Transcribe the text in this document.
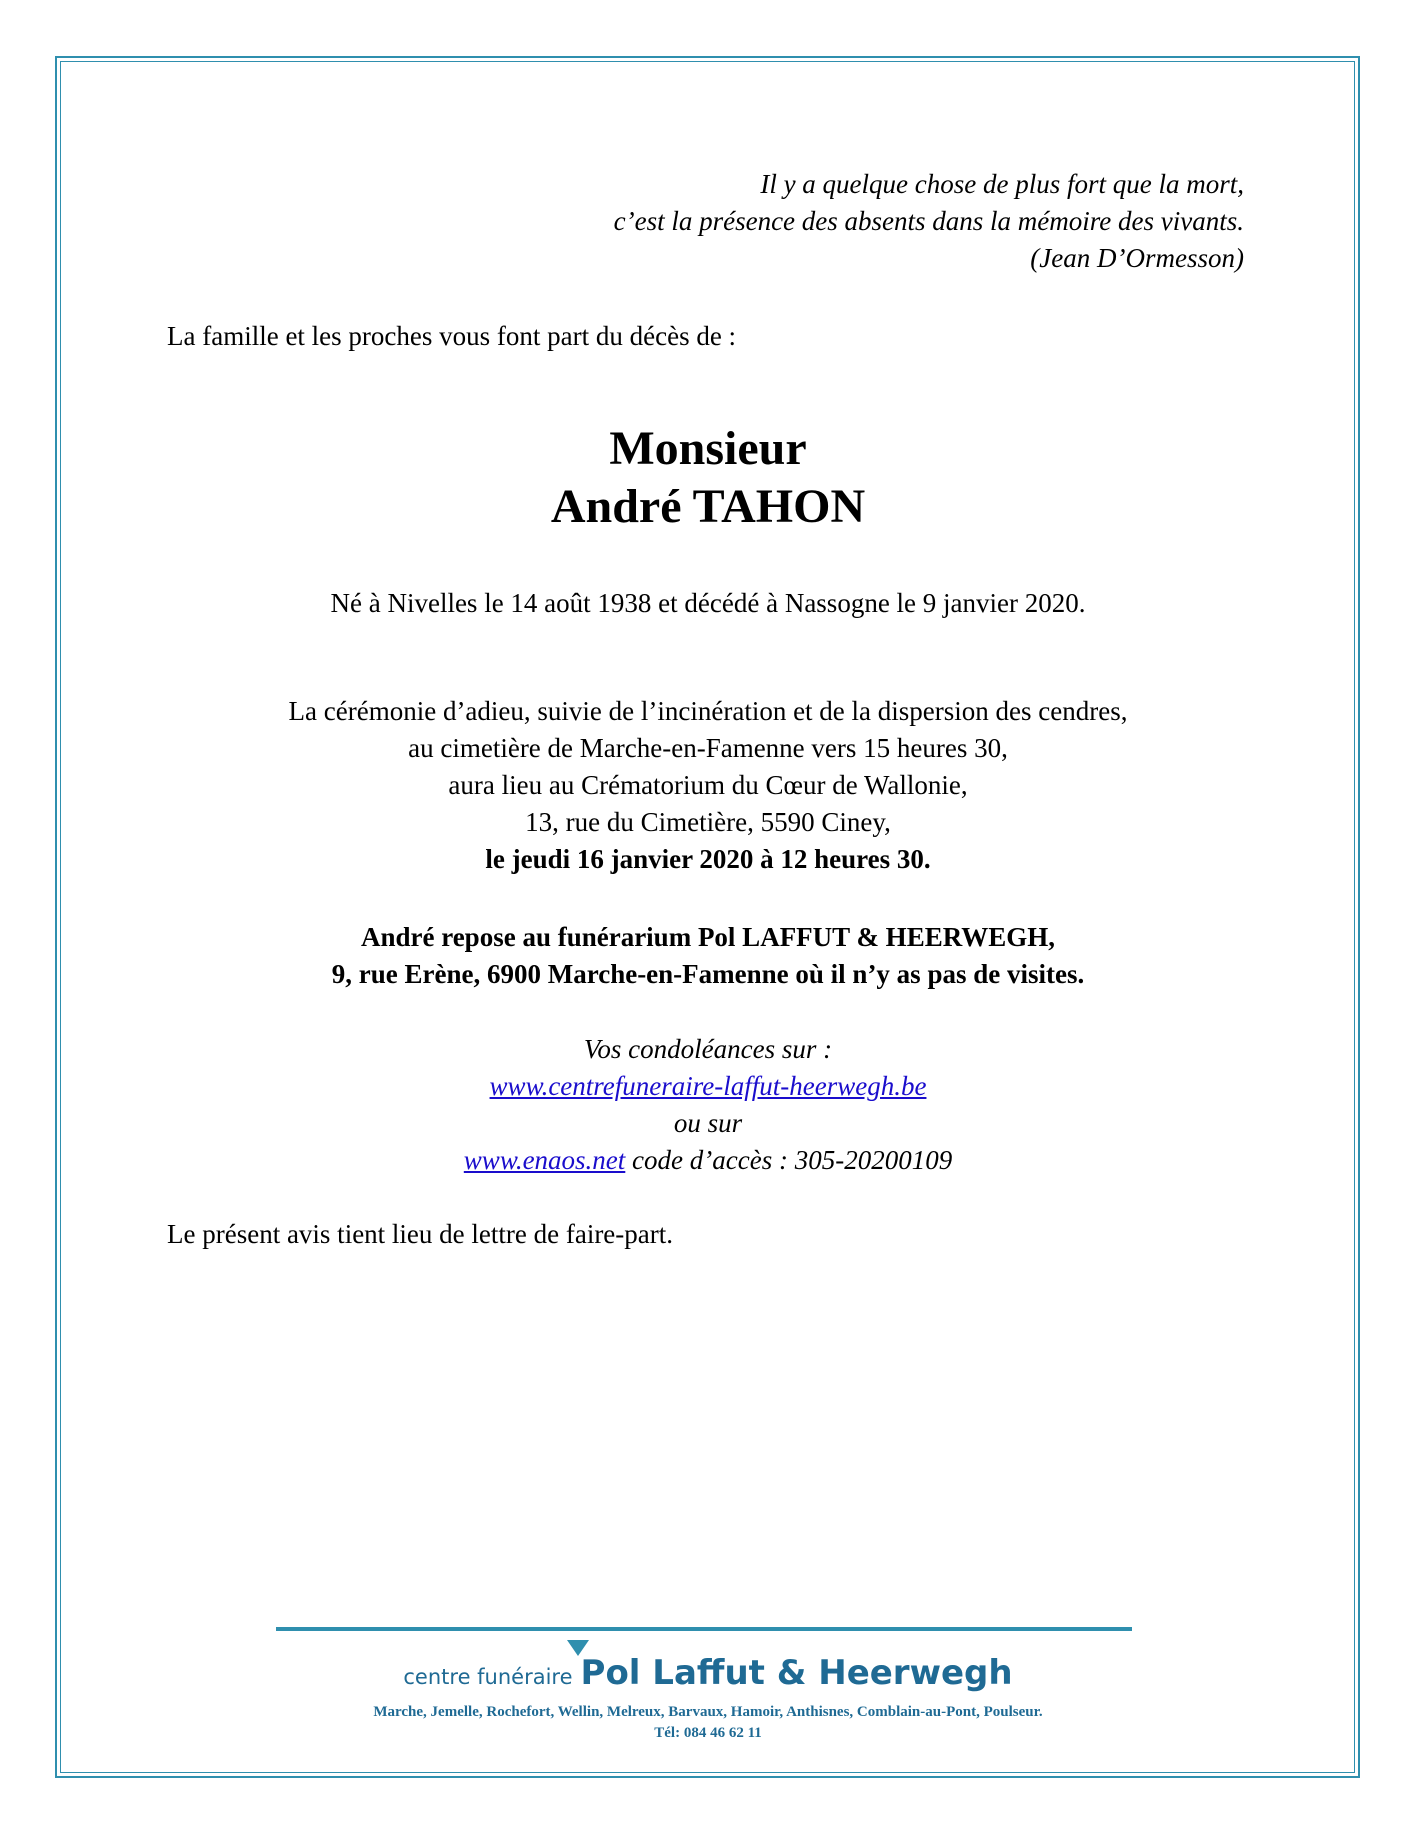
Il y a quelque chose de plus fort que la mort,
c’est la présence des absents dans la mémoire des vivants.
(Jean D’Ormesson)
La famille et les proches vous font part du décès de :
Monsieur
André TAHON
Né à Nivelles le 14 août 1938 et décédé à Nassogne le 9 janvier 2020.
La cérémonie d’adieu, suivie de l’incinération et de la dispersion des cendres,
au cimetière de Marche-en-Famenne vers 15 heures 30,
aura lieu au Crématorium du Cœur de Wallonie,
13, rue du Cimetière, 5590 Ciney,
le jeudi 16 janvier 2020 à 12 heures 30.
André repose au funérarium Pol LAFFUT & HEERWEGH,
9, rue Erène, 6900 Marche-en-Famenne où il n’y as pas de visites.
Vos condoléances sur :
www.centrefuneraire-laffut-heerwegh.be
ou sur
www.enaos.net code d’accès : 305-20200109
Le présent avis tient lieu de lettre de faire-part.
centre funéraire Pol Laffut & Heerwegh
Marche, Jemelle, Rochefort, Wellin, Melreux, Barvaux, Hamoir, Anthisnes, Comblain-au-Pont, Poulseur.
Tél: 084 46 62 11
